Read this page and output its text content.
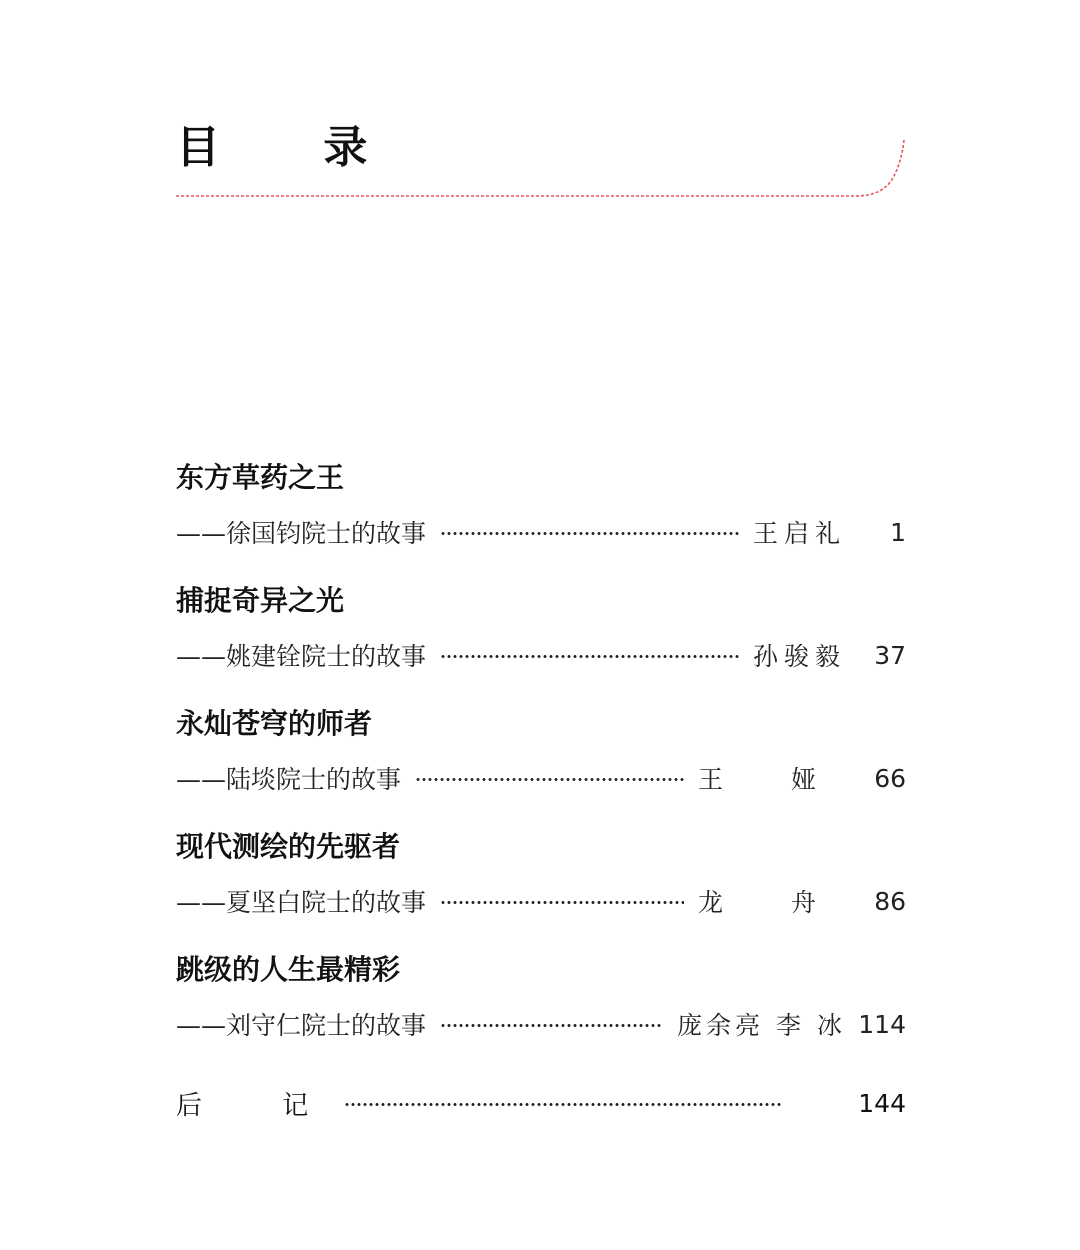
目 录
东方草药之王
——徐国钧院士的故事	王启礼	1
捕捉奇异之光
——姚建铨院士的故事	孙骏毅	37
永灿苍穹的师者
——陆埮院士的故事	王 娅	66
现代测绘的先驱者
——夏坚白院士的故事	龙 舟	86
跳级的人生最精彩
——刘守仁院士的故事	庞余亮 李 冰 114
后 记	144
